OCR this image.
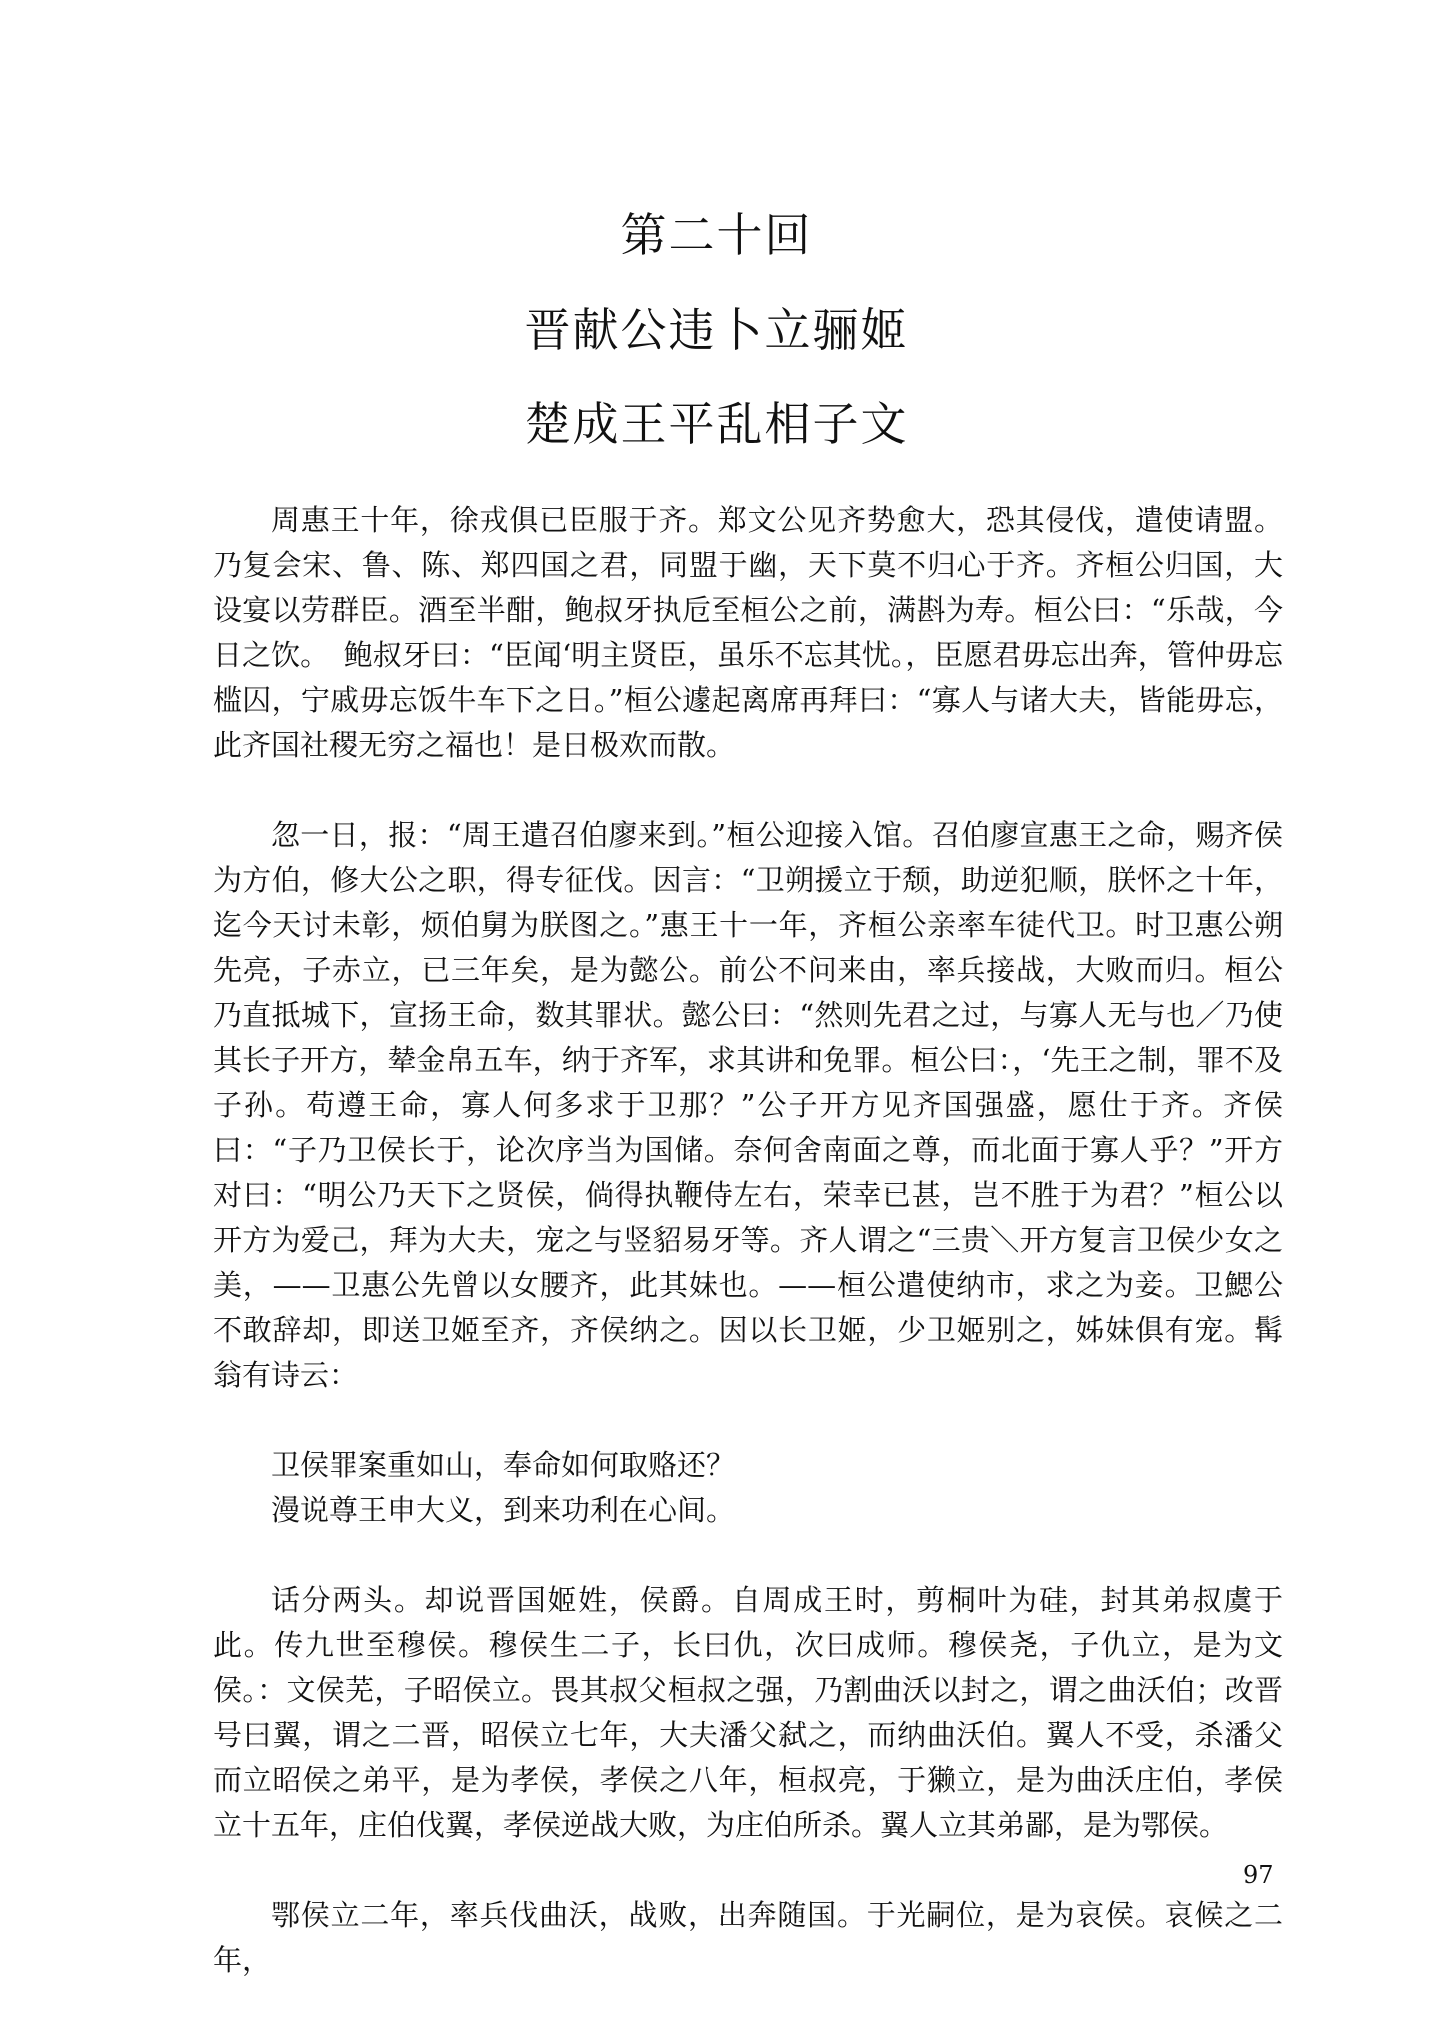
第二十回
晋献公违卜立骊姬
楚成王平乱相子文

周惠王十年，徐戎俱已臣服于齐。郑文公见齐势愈大，恐其侵伐，遣使请盟。乃复会宋、鲁、陈、郑四国之君，同盟于幽，天下莫不归心于齐。齐桓公归国，大设宴以劳群臣。酒至半酣，鲍叔牙执卮至桓公之前，满斟为寿。桓公曰：“乐哉，今日之饮。　鲍叔牙曰：“臣闻‘明主贤臣，虽乐不忘其忧。，臣愿君毋忘出奔，管仲毋忘槛囚，宁戚毋忘饭牛车下之日。”桓公遽起离席再拜曰：“寡人与诸大夫，皆能毋忘，此齐国社稷无穷之福也！是日极欢而散。

忽一日，报：“周王遣召伯廖来到。”桓公迎接入馆。召伯廖宣惠王之命，赐齐侯为方伯，修大公之职，得专征伐。因言：“卫朔援立于颓，助逆犯顺，朕怀之十年，迄今天讨未彰，烦伯舅为朕图之。”惠王十一年，齐桓公亲率车徒代卫。时卫惠公朔先亮，子赤立，已三年矣，是为懿公。前公不问来由，率兵接战，大败而归。桓公乃直抵城下，宣扬王命，数其罪状。懿公曰：“然则先君之过，与寡人无与也／乃使其长子开方，辇金帛五车，纳于齐军，求其讲和免罪。桓公曰：，‘先王之制，罪不及子孙。苟遵王命，寡人何多求于卫那？”公子开方见齐国强盛，愿仕于齐。齐侯曰：“子乃卫侯长于，论次序当为国储。奈何舍南面之尊，而北面于寡人乎？”开方对曰：“明公乃天下之贤侯，倘得执鞭侍左右，荣幸已甚，岂不胜于为君？”桓公以开方为爱己，拜为大夫，宠之与竖貂易牙等。齐人谓之“三贵＼开方复言卫侯少女之美，——卫惠公先曾以女腰齐，此其妹也。——桓公遣使纳市，求之为妾。卫鰓公不敢辞却，即送卫姬至齐，齐侯纳之。因以长卫姬，少卫姬别之，姊妹俱有宠。髯翁有诗云：

卫侯罪案重如山，奉命如何取赂还？
漫说尊王申大义，到来功利在心间。

话分两头。却说晋国姬姓，侯爵。自周成王时，剪桐叶为硅，封其弟叔虞于此。传九世至穆侯。穆侯生二子，长曰仇，次曰成师。穆侯尧，子仇立，是为文侯。：文侯芜，子昭侯立。畏其叔父桓叔之强，乃割曲沃以封之，谓之曲沃伯；改晋号曰翼，谓之二晋，昭侯立七年，大夫潘父弑之，而纳曲沃伯。翼人不受，杀潘父而立昭侯之弟平，是为孝侯，孝侯之八年，桓叔亮，于獭立，是为曲沃庄伯，孝侯立十五年，庄伯伐翼，孝侯逆战大败，为庄伯所杀。翼人立其弟鄙，是为鄂侯。

鄂侯立二年，率兵伐曲沃，战败，出奔随国。于光嗣位，是为哀侯。哀候之二年，

97
